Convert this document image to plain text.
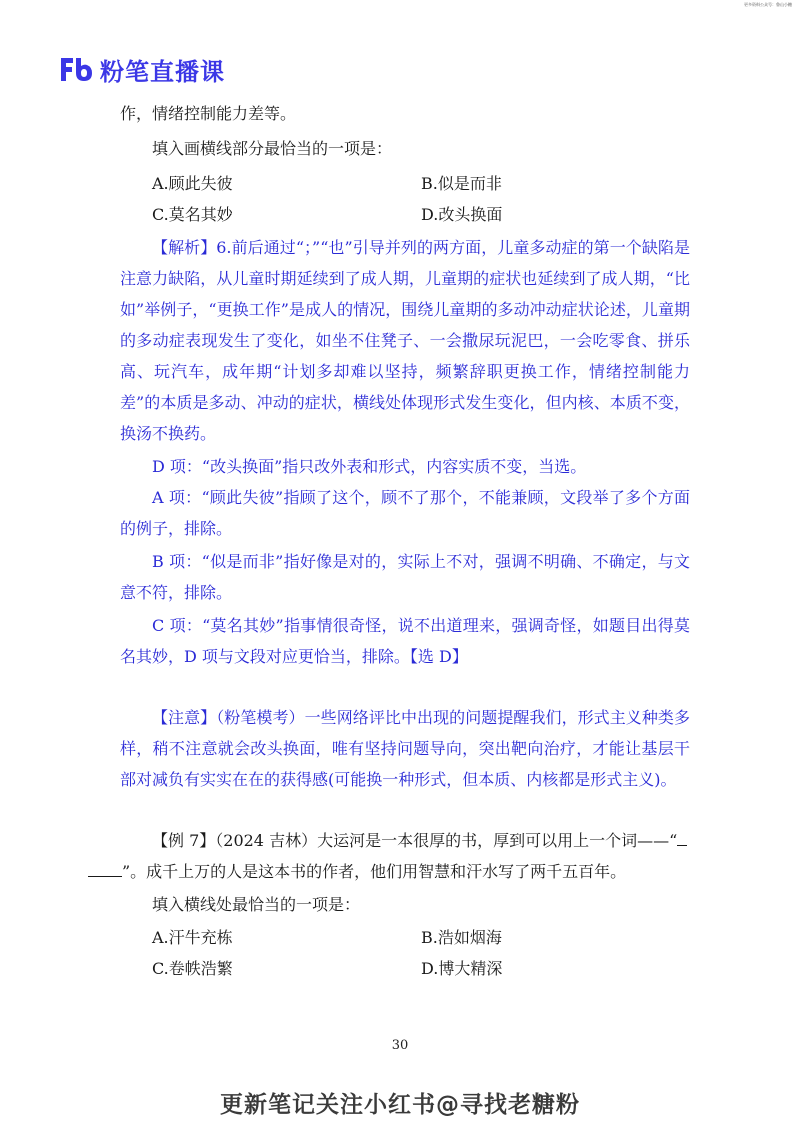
更多资料公众号：鲁山小糖
粉笔直播课

作，情绪控制能力差等。

填入画横线部分最恰当的一项是：

A.顾此失彼	B.似是而非
C.莫名其妙	D.改头换面

【解析】6.前后通过“；”“也”引导并列的两方面，儿童多动症的第一个缺陷是注意力缺陷，从儿童时期延续到了成人期，儿童期的症状也延续到了成人期，“比如”举例子，“更换工作”是成人的情况，围绕儿童期的多动冲动症状论述，儿童期的多动症表现发生了变化，如坐不住凳子、一会撒尿玩泥巴，一会吃零食、拼乐高、玩汽车，成年期“计划多却难以坚持，频繁辞职更换工作，情绪控制能力差”的本质是多动、冲动的症状，横线处体现形式发生变化，但内核、本质不变，换汤不换药。

D 项：“改头换面”指只改外表和形式，内容实质不变，当选。

A 项：“顾此失彼”指顾了这个，顾不了那个，不能兼顾，文段举了多个方面的例子，排除。

B 项：“似是而非”指好像是对的，实际上不对，强调不明确、不确定，与文意不符，排除。

C 项：“莫名其妙”指事情很奇怪，说不出道理来，强调奇怪，如题目出得莫名其妙，D 项与文段对应更恰当，排除。【选 D】

【注意】（粉笔模考）一些网络评比中出现的问题提醒我们，形式主义种类多样，稍不注意就会改头换面，唯有坚持问题导向，突出靶向治疗，才能让基层干部对减负有实实在在的获得感(可能换一种形式，但本质、内核都是形式主义)。

【例 7】（2024 吉林）大运河是一本很厚的书，厚到可以用上一个词——“
”。成千上万的人是这本书的作者，他们用智慧和汗水写了两千五百年。

填入横线处最恰当的一项是：

A.汗牛充栋	B.浩如烟海
C.卷帙浩繁	D.博大精深
30
更新笔记关注小红书@寻找老糖粉
